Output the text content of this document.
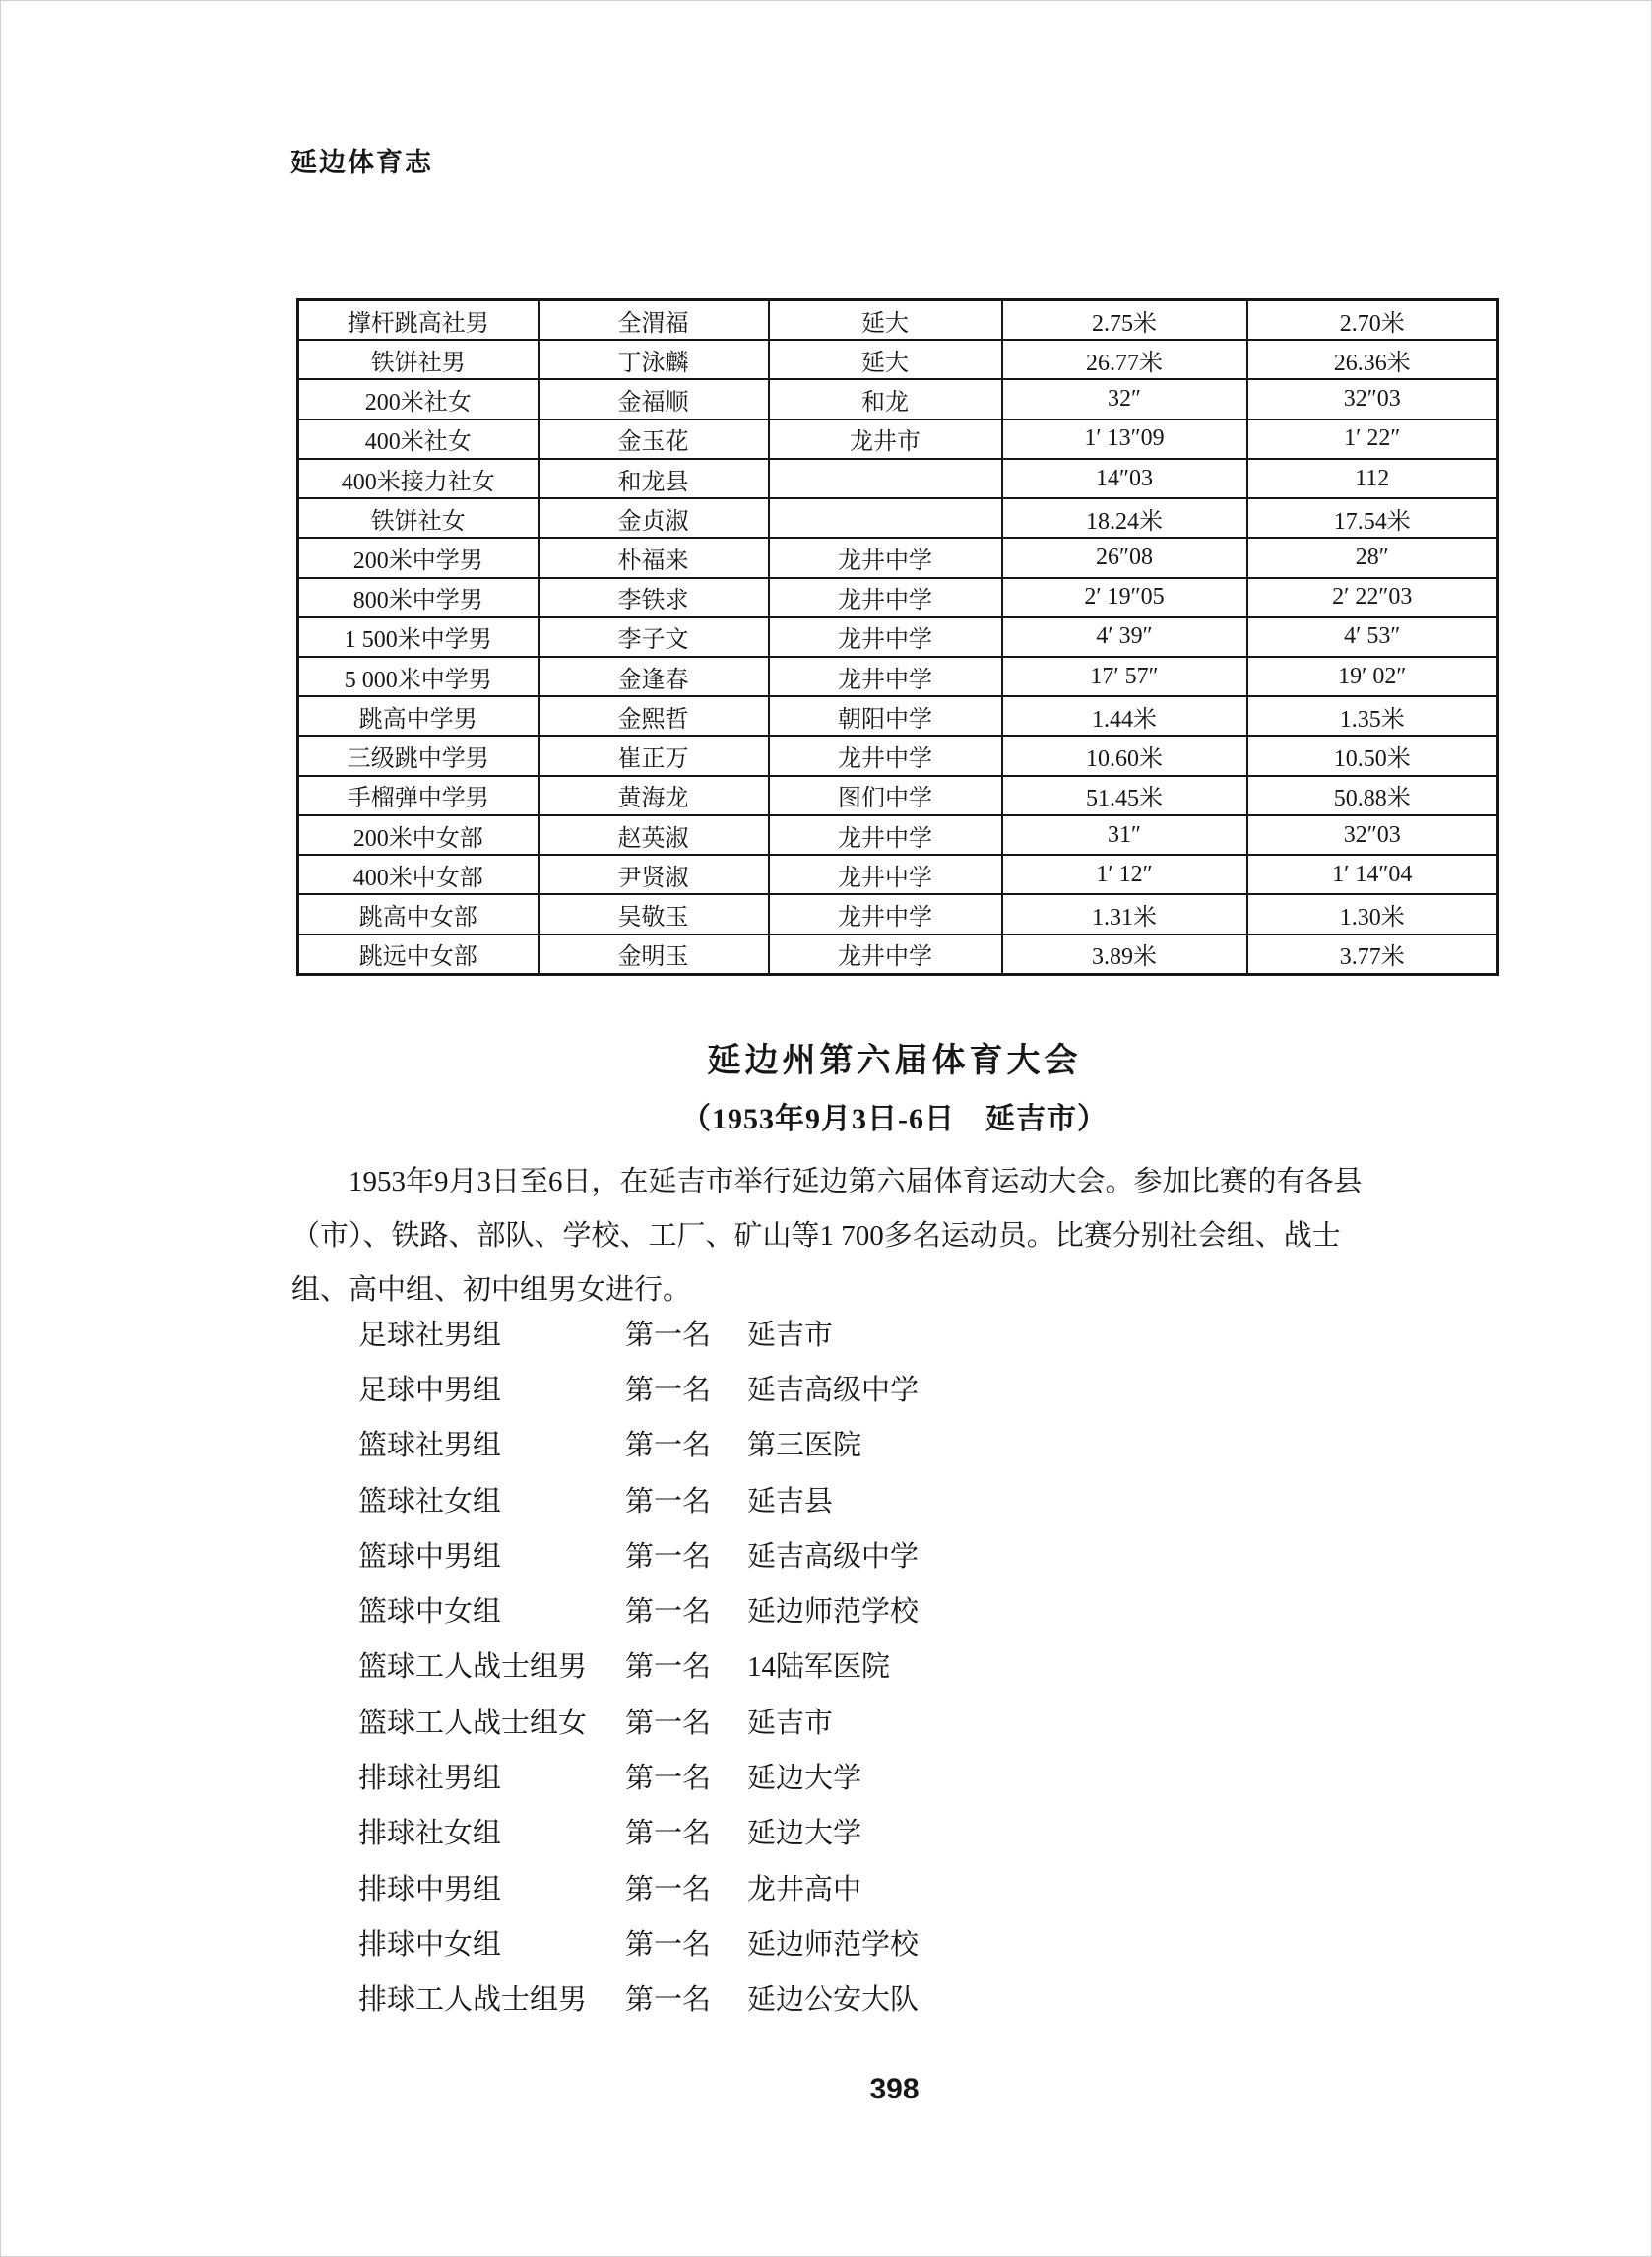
延边体育志
撑杆跳高社男	全渭福	延大	2.75米	2.70米
铁饼社男	丁泳麟	延大	26.77米	26.36米
200米社女	金福顺	和龙	32″	32″03
400米社女	金玉花	龙井市	1′ 13″09	1′ 22″
400米接力社女	和龙县		14″03	112
铁饼社女	金贞淑		18.24米	17.54米
200米中学男	朴福来	龙井中学	26″08	28″
800米中学男	李铁求	龙井中学	2′ 19″05	2′ 22″03
1 500米中学男	李子文	龙井中学	4′ 39″	4′ 53″
5 000米中学男	金逢春	龙井中学	17′ 57″	19′ 02″
跳高中学男	金熙哲	朝阳中学	1.44米	1.35米
三级跳中学男	崔正万	龙井中学	10.60米	10.50米
手榴弹中学男	黄海龙	图们中学	51.45米	50.88米
200米中女部	赵英淑	龙井中学	31″	32″03
400米中女部	尹贤淑	龙井中学	1′ 12″	1′ 14″04
跳高中女部	吴敬玉	龙井中学	1.31米	1.30米
跳远中女部	金明玉	龙井中学	3.89米	3.77米
延边州第六届体育大会
（1953年9月3日-6日　延吉市）
1953年9月3日至6日，在延吉市举行延边第六届体育运动大会。参加比赛的有各县
（市）、铁路、部队、学校、工厂、矿山等1 700多名运动员。比赛分别社会组、战士
组、高中组、初中组男女进行。
足球社男组	第一名	延吉市
足球中男组	第一名	延吉高级中学
篮球社男组	第一名	第三医院
篮球社女组	第一名	延吉县
篮球中男组	第一名	延吉高级中学
篮球中女组	第一名	延边师范学校
篮球工人战士组男	第一名	14陆军医院
篮球工人战士组女	第一名	延吉市
排球社男组	第一名	延边大学
排球社女组	第一名	延边大学
排球中男组	第一名	龙井高中
排球中女组	第一名	延边师范学校
排球工人战士组男	第一名	延边公安大队
398
